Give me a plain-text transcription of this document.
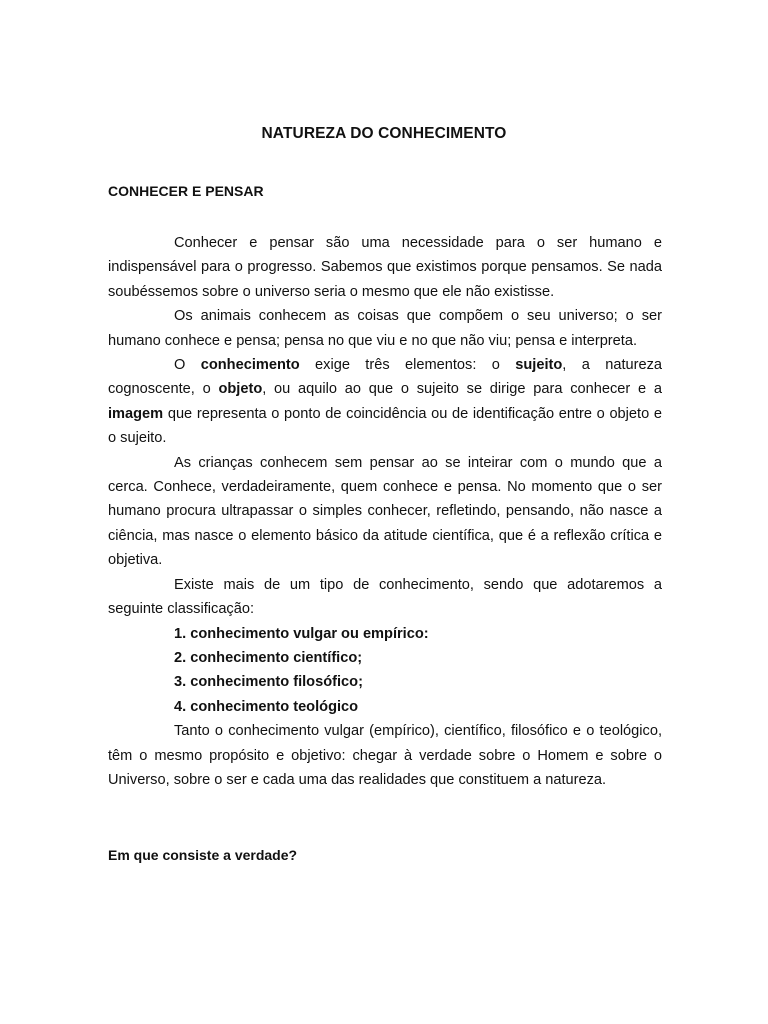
NATUREZA DO CONHECIMENTO
CONHECER E PENSAR

Conhecer e pensar são uma necessidade para o ser humano e indispensável para o progresso. Sabemos que existimos porque pensamos. Se nada soubéssemos sobre o universo seria o mesmo que ele não existisse.

Os animais conhecem as coisas que compõem o seu universo; o ser humano conhece e pensa; pensa no que viu e no que não viu; pensa e interpreta.

O conhecimento exige três elementos: o sujeito, a natureza cognoscente, o objeto, ou aquilo ao que o sujeito se dirige para conhecer e a imagem que representa o ponto de coincidência ou de identificação entre o objeto e o sujeito.

As crianças conhecem sem pensar ao se inteirar com o mundo que a cerca. Conhece, verdadeiramente, quem conhece e pensa. No momento que o ser humano procura ultrapassar o simples conhecer, refletindo, pensando, não nasce a ciência, mas nasce o elemento básico da atitude científica, que é a reflexão crítica e objetiva.

Existe mais de um tipo de conhecimento, sendo que adotaremos a seguinte classificação:

1. conhecimento vulgar ou empírico:
2. conhecimento científico;
3. conhecimento filosófico;
4. conhecimento teológico

Tanto o conhecimento vulgar (empírico), científico, filosófico e o teológico, têm o mesmo propósito e objetivo: chegar à verdade sobre o Homem e sobre o Universo, sobre o ser e cada uma das realidades que constituem a natureza.

Em que consiste a verdade?
